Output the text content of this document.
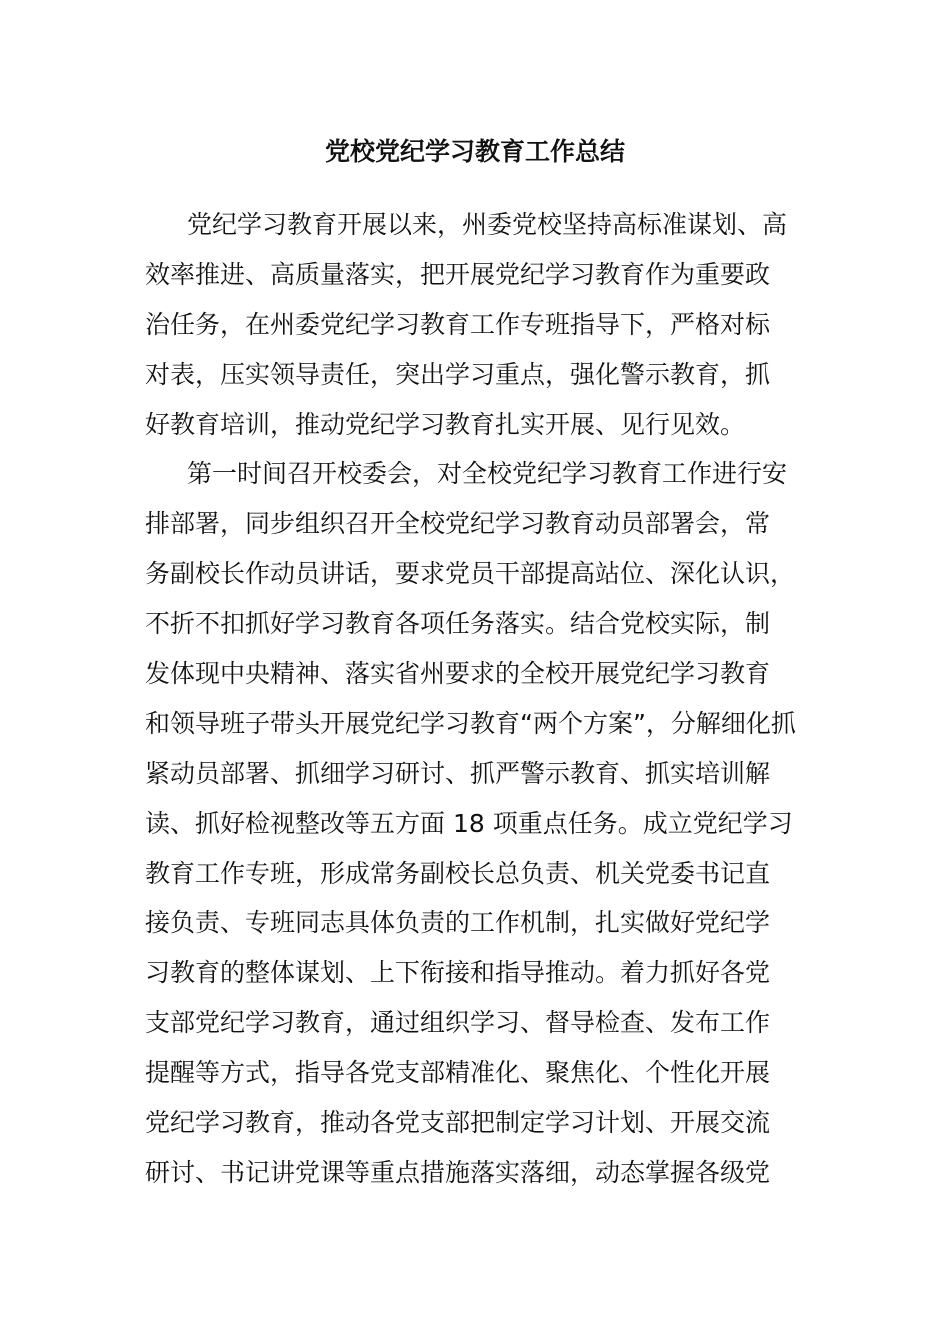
党校党纪学习教育工作总结
党纪学习教育开展以来，州委党校坚持高标准谋划、高
效率推进、高质量落实，把开展党纪学习教育作为重要政
治任务，在州委党纪学习教育工作专班指导下，严格对标
对表，压实领导责任，突出学习重点，强化警示教育，抓
好教育培训，推动党纪学习教育扎实开展、见行见效。
第一时间召开校委会，对全校党纪学习教育工作进行安
排部署，同步组织召开全校党纪学习教育动员部署会，常
务副校长作动员讲话，要求党员干部提高站位、深化认识，
不折不扣抓好学习教育各项任务落实。结合党校实际，制
发体现中央精神、落实省州要求的全校开展党纪学习教育
和领导班子带头开展党纪学习教育“两个方案”，分解细化抓
紧动员部署、抓细学习研讨、抓严警示教育、抓实培训解
读、抓好检视整改等五方面 18 项重点任务。成立党纪学习
教育工作专班，形成常务副校长总负责、机关党委书记直
接负责、专班同志具体负责的工作机制，扎实做好党纪学
习教育的整体谋划、上下衔接和指导推动。着力抓好各党
支部党纪学习教育，通过组织学习、督导检查、发布工作
提醒等方式，指导各党支部精准化、聚焦化、个性化开展
党纪学习教育，推动各党支部把制定学习计划、开展交流
研讨、书记讲党课等重点措施落实落细，动态掌握各级党
